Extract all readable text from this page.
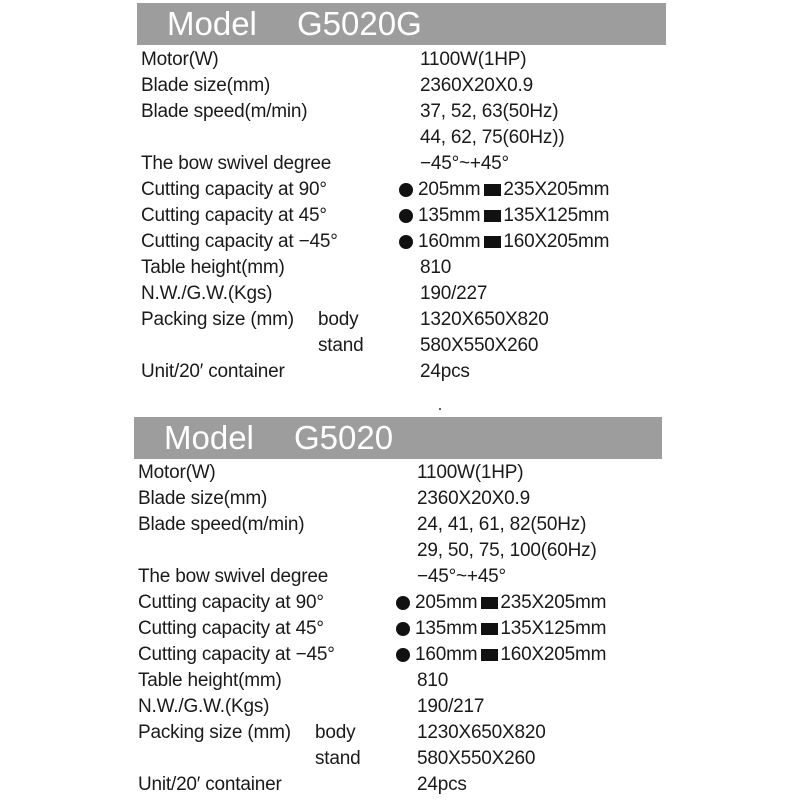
Model G5020G
Motor(W)	1100W(1HP)
Blade size(mm)	2360X20X0.9
Blade speed(m/min)	37, 52, 63(50Hz)
44, 62, 75(60Hz))
The bow swivel degree	−45°~+45°
Cutting capacity at 90°	205mm 235X205mm
Cutting capacity at 45°	135mm 135X125mm
Cutting capacity at −45°	160mm 160X205mm
Table height(mm)	810
N.W./G.W.(Kgs)	190/227
Packing size (mm) body	1320X650X820
stand	580X550X260
Unit/20′ container	24pcs
Model G5020
Motor(W)	1100W(1HP)
Blade size(mm)	2360X20X0.9
Blade speed(m/min)	24, 41, 61, 82(50Hz)
29, 50, 75, 100(60Hz)
The bow swivel degree	−45°~+45°
Cutting capacity at 90°	205mm 235X205mm
Cutting capacity at 45°	135mm 135X125mm
Cutting capacity at −45°	160mm 160X205mm
Table height(mm)	810
N.W./G.W.(Kgs)	190/217
Packing size (mm) body	1230X650X820
stand	580X550X260
Unit/20′ container	24pcs
